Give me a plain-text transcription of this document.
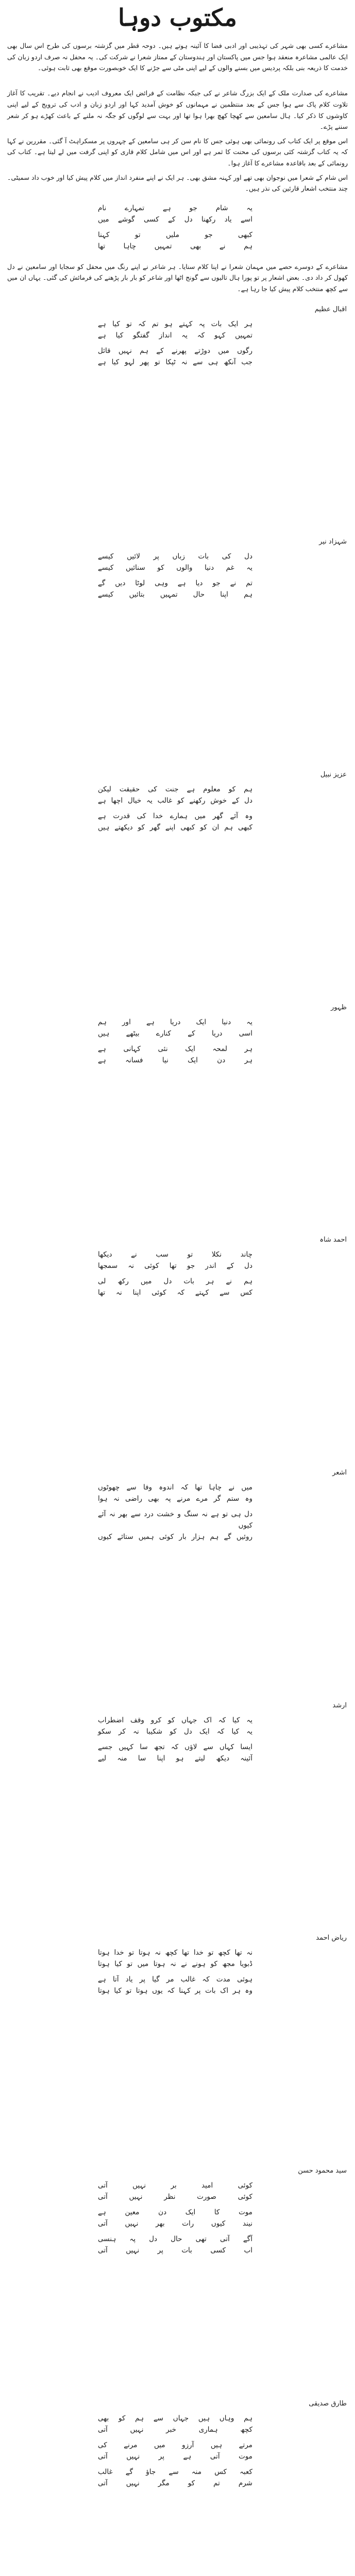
مکتوب دوہا

مشاعرے کسی بھی شہر کی تہذیبی اور ادبی فضا کا آئینہ ہوتے ہیں۔ دوحہ قطر میں گزشتہ برسوں کی طرح اس سال بھی ایک عالمی مشاعرہ منعقد ہوا جس میں پاکستان اور ہندوستان کے ممتاز شعرا نے شرکت کی۔ یہ محفل نہ صرف اردو زبان کی خدمت کا ذریعہ بنی بلکہ پردیس میں بسنے والوں کے لیے اپنی مٹی سے جڑنے کا ایک خوبصورت موقع بھی ثابت ہوئی۔

مشاعرے کی صدارت ملک کے ایک بزرگ شاعر نے کی جبکہ نظامت کے فرائض ایک معروف ادیب نے انجام دیے۔ تقریب کا آغاز تلاوت کلام پاک سے ہوا جس کے بعد منتظمین نے مہمانوں کو خوش آمدید کہا اور اردو زبان و ادب کی ترویج کے لیے اپنی کاوشوں کا ذکر کیا۔ ہال سامعین سے کھچا کھچ بھرا ہوا تھا اور بہت سے لوگوں کو جگہ نہ ملنے کے باعث کھڑے ہو کر شعر سننے پڑے۔

اس موقع پر ایک کتاب کی رونمائی بھی ہوئی جس کا نام سن کر ہی سامعین کے چہروں پر مسکراہٹ آ گئی۔ مقررین نے کہا کہ یہ کتاب گزشتہ کئی برسوں کی محنت کا ثمر ہے اور اس میں شامل کلام قاری کو اپنی گرفت میں لے لیتا ہے۔ کتاب کی رونمائی کے بعد باقاعدہ مشاعرے کا آغاز ہوا۔

اس شام کے شعرا میں نوجوان بھی تھے اور کہنہ مشق بھی۔ ہر ایک نے اپنے منفرد انداز میں کلام پیش کیا اور خوب داد سمیٹی۔ چند منتخب اشعار قارئین کی نذر ہیں۔

یہ شام جو ہے تمہارے نام
اسے یاد رکھنا دل کے کسی گوشے میں
کبھی جو ملیں تو کہنا
ہم نے بھی تمہیں چاہا تھا

مشاعرے کے دوسرے حصے میں مہمان شعرا نے اپنا کلام سنایا۔ ہر شاعر نے اپنے رنگ میں محفل کو سجایا اور سامعین نے دل کھول کر داد دی۔ بعض اشعار پر تو پورا ہال تالیوں سے گونج اٹھا اور شاعر کو بار بار پڑھنے کی فرمائش کی گئی۔ یہاں ان میں سے کچھ منتخب کلام پیش کیا جا رہا ہے۔

اقبال عظیم

ہر ایک بات پہ کہتے ہو تم کہ تو کیا ہے
تمہیں کہو کہ یہ انداز گفتگو کیا ہے
رگوں میں دوڑتے پھرنے کے ہم نہیں قائل
جب آنکھ ہی سے نہ ٹپکا تو پھر لہو کیا ہے

شہزاد نیر

دل کی بات زباں پر لائیں کیسے
یہ غم دنیا والوں کو سنائیں کیسے
تم نے جو دیا ہے وہی لوٹا دیں گے
ہم اپنا حال تمہیں بتائیں کیسے

عزیز نبیل

ہم کو معلوم ہے جنت کی حقیقت لیکن
دل کے خوش رکھنے کو غالب یہ خیال اچھا ہے
وہ آئے گھر میں ہمارے خدا کی قدرت ہے
کبھی ہم ان کو کبھی اپنے گھر کو دیکھتے ہیں

ظہور

یہ دنیا ایک دریا ہے اور ہم
اسی دریا کے کنارے بیٹھے ہیں
ہر لمحہ ایک نئی کہانی ہے
ہر دن ایک نیا فسانہ ہے

احمد شاہ

چاند نکلا تو سب نے دیکھا
دل کے اندر جو تھا کوئی نہ سمجھا
ہم نے ہر بات دل میں رکھ لی
کس سے کہتے کہ کوئی اپنا نہ تھا

اشعر

میں نے چاہا تھا کہ اندوہ وفا سے چھوٹوں
وہ ستم گر مرے مرنے پہ بھی راضی نہ ہوا
دل ہی تو ہے نہ سنگ و خشت درد سے بھر نہ آئے کیوں
روئیں گے ہم ہزار بار کوئی ہمیں ستائے کیوں

ارشد

یہ کیا کہ اک جہاں کو کرو وقف اضطراب
یہ کیا کہ ایک دل کو شکیبا نہ کر سکو
ایسا کہاں سے لاؤں کہ تجھ سا کہیں جسے
آئینہ دیکھ لیتے ہو اپنا سا منہ لیے

ریاض احمد

نہ تھا کچھ تو خدا تھا کچھ نہ ہوتا تو خدا ہوتا
ڈبویا مجھ کو ہونے نے نہ ہوتا میں تو کیا ہوتا
ہوئی مدت کہ غالب مر گیا پر یاد آتا ہے
وہ ہر اک بات پر کہنا کہ یوں ہوتا تو کیا ہوتا

سید محمود حسن

کوئی امید بر نہیں آتی
کوئی صورت نظر نہیں آتی
موت کا ایک دن معین ہے
نیند کیوں رات بھر نہیں آتی
آگے آتی تھی حال دل پہ ہنسی
اب کسی بات پر نہیں آتی

طارق صدیقی

ہم وہاں ہیں جہاں سے ہم کو بھی
کچھ ہماری خبر نہیں آتی
مرتے ہیں آرزو میں مرنے کی
موت آتی ہے پر نہیں آتی
کعبہ کس منہ سے جاؤ گے غالب
شرم تم کو مگر نہیں آتی
